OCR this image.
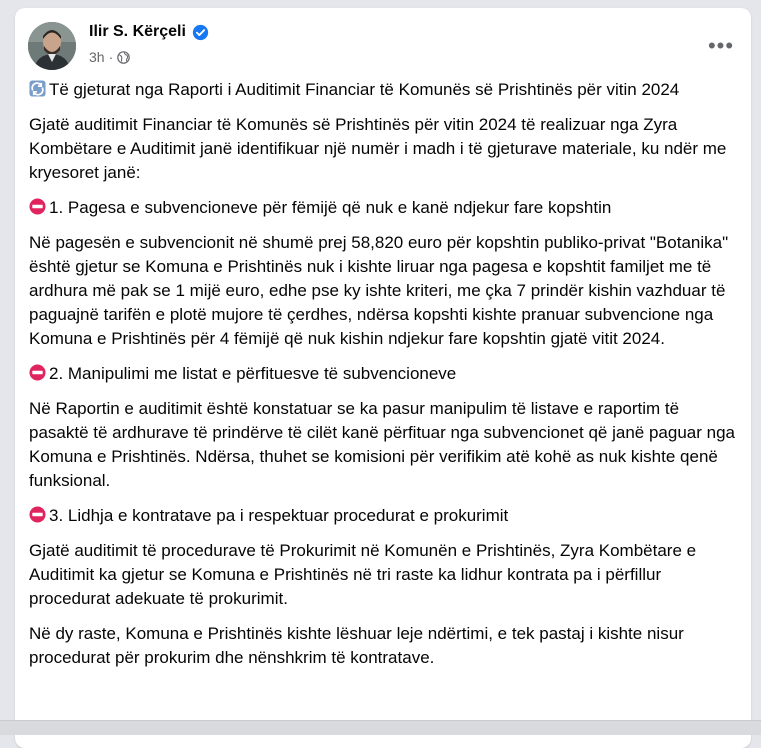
Ilir S. Kërçeli
3h ·	•••
Të gjeturat nga Raporti i Auditimit Financiar të Komunës së Prishtinës për vitin 2024
Gjatë auditimit Financiar të Komunës së Prishtinës për vitin 2024 të realizuar nga Zyra Kombëtare e Auditimit janë identifikuar një numër i madh i të gjeturave materiale, ku ndër me kryesoret janë:
1. Pagesa e subvencioneve për fëmijë që nuk e kanë ndjekur fare kopshtin
Në pagesën e subvencionit në shumë prej 58,820 euro për kopshtin publiko-privat "Botanika" është gjetur se Komuna e Prishtinës nuk i kishte liruar nga pagesa e kopshtit familjet me të ardhura më pak se 1 mijë euro, edhe pse ky ishte kriteri, me çka 7 prindër kishin vazhduar të paguajnë tarifën e plotë mujore të çerdhes, ndërsa kopshti kishte pranuar subvencione nga Komuna e Prishtinës për 4 fëmijë që nuk kishin ndjekur fare kopshtin gjatë vitit 2024.
2. Manipulimi me listat e përfituesve të subvencioneve
Në Raportin e auditimit është konstatuar se ka pasur manipulim të listave e raportim të pasaktë të ardhurave të prindërve të cilët kanë përfituar nga subvencionet që janë paguar nga Komuna e Prishtinës. Ndërsa, thuhet se komisioni për verifikim atë kohë as nuk kishte qenë funksional.
3. Lidhja e kontratave pa i respektuar procedurat e prokurimit
Gjatë auditimit të procedurave të Prokurimit në Komunën e Prishtinës, Zyra Kombëtare e Auditimit ka gjetur se Komuna e Prishtinës në tri raste ka lidhur kontrata pa i përfillur procedurat adekuate të prokurimit.
Në dy raste, Komuna e Prishtinës kishte lëshuar leje ndërtimi, e tek pastaj i kishte nisur procedurat për prokurim dhe nënshkrim të kontratave.
